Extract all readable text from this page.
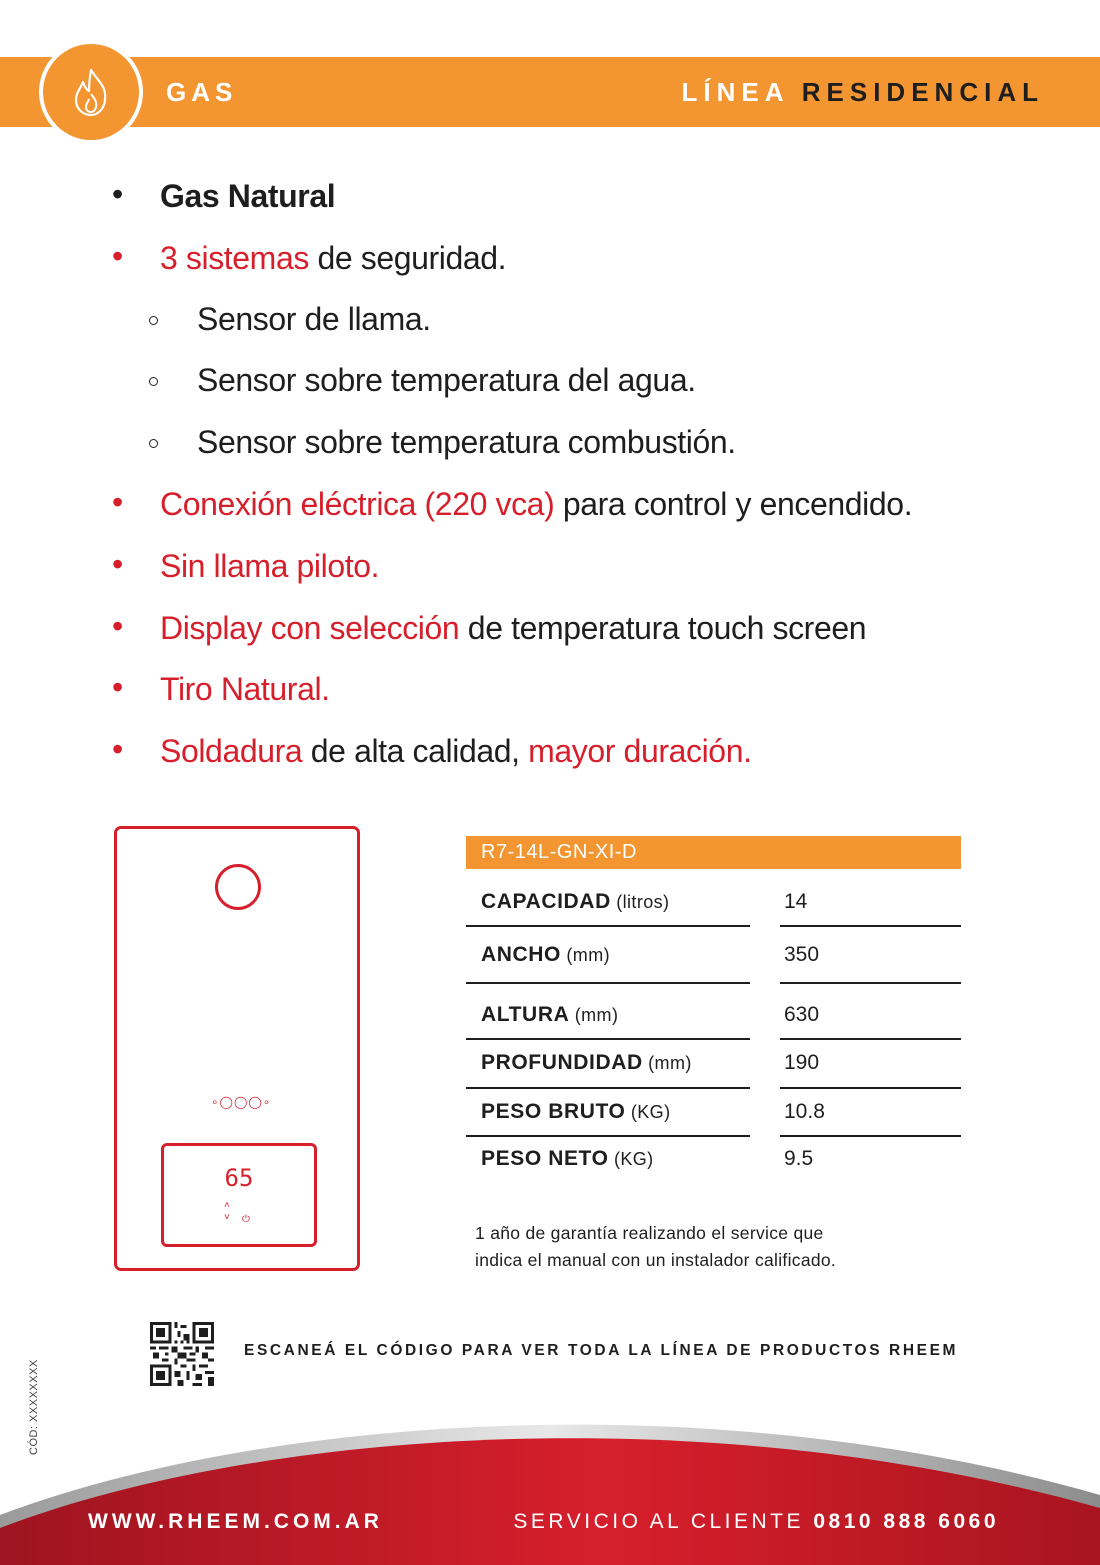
GAS	LÍNEA RESIDENCIAL
• Gas Natural
• 3 sistemas de seguridad.
Sensor de llama.
Sensor sobre temperatura del agua.
Sensor sobre temperatura combustión.
• Conexión eléctrica (220 vca) para control y encendido.
• Sin llama piloto.
• Display con selección de temperatura touch screen
• Tiro Natural.
• Soldadura de alta calidad, mayor duración.
∘◯◯◯∘
65
˄
˅ ⏻
R7-14L-GN-XI-D
CAPACIDAD (litros)	14
ANCHO (mm)	350
ALTURA (mm)	630
PROFUNDIDAD (mm)	190
PESO BRUTO (KG)	10.8
PESO NETO (KG)	9.5
1 año de garantía realizando el service que
indica el manual con un instalador calificado.
ESCANEÁ EL CÓDIGO PARA VER TODA LA LÍNEA DE PRODUCTOS RHEEM
CÓD: XXXXXXXX
WWW.RHEEM.COM.AR	SERVICIO AL CLIENTE 0810 888 6060
